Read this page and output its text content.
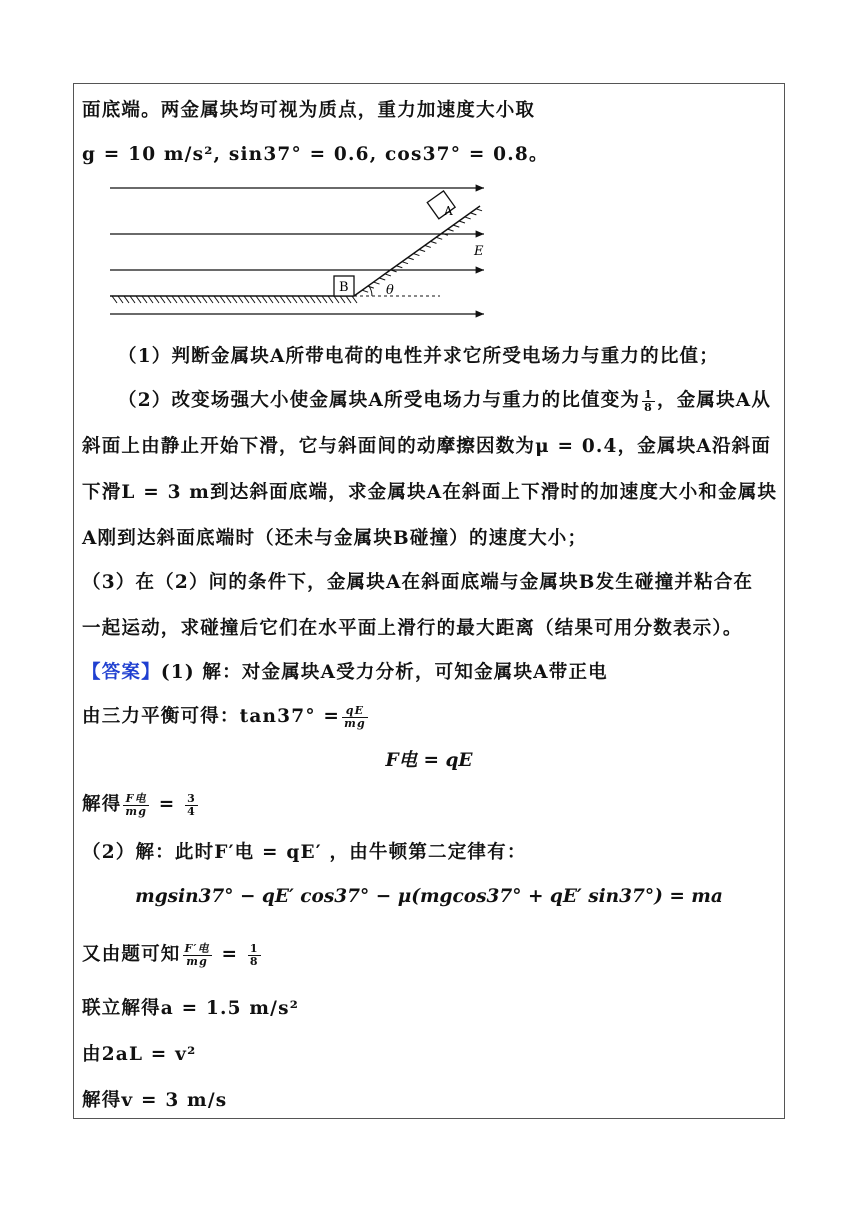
面底端。两金属块均可视为质点，重力加速度大小取
g = 10 m/s², sin37° = 0.6, cos37° = 0.8。
θ
B
A
E
（1）判断金属块A所带电荷的电性并求它所受电场力与重力的比值；
（2）改变场强大小使金属块A所受电场力与重力的比值变为 $\frac{1}{8}$ ，金属块A从
斜面上由静止开始下滑，它与斜面间的动摩擦因数为μ = 0.4，金属块A沿斜面
下滑L = 3 m到达斜面底端，求金属块A在斜面上下滑时的加速度大小和金属块
A刚到达斜面底端时（还未与金属块B碰撞）的速度大小；
（3）在（2）问的条件下，金属块A在斜面底端与金属块B发生碰撞并粘合在
一起运动，求碰撞后它们在水平面上滑行的最大距离（结果可用分数表示）。
【答案】(1) 解：对金属块A受力分析，可知金属块A带正电
由三力平衡可得：$\tan 37^\circ = \frac{qE}{mg}$
F电 = qE
解得 $\frac{\text{F电}}{mg} = \frac{3}{4}$
（2）解：此时F′电 = qE′ ，由牛顿第二定律有：
mgsin37° − qE′ cos37° − μ(mgcos37° + qE′ sin37°) = ma
又由题可知 $\frac{\text{F′电}}{mg} = \frac{1}{8}$
联立解得a = 1.5 m/s²
由2aL = v²
解得v = 3 m/s
